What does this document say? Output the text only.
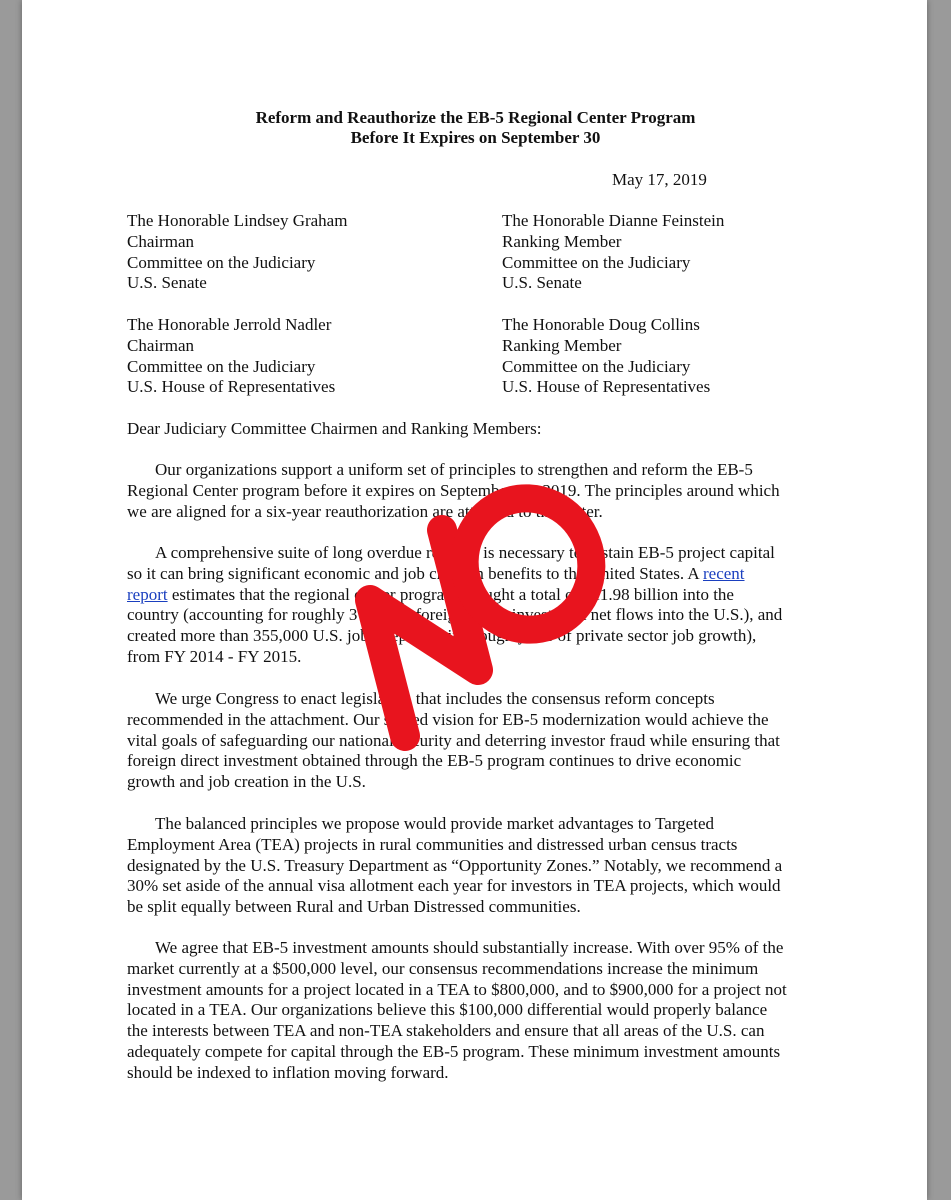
Reform and Reauthorize the EB-5 Regional Center Program
Before It Expires on September 30
May 17, 2019
The Honorable Lindsey Graham
Chairman
Committee on the Judiciary
U.S. Senate
The Honorable Dianne Feinstein
Ranking Member
Committee on the Judiciary
U.S. Senate
The Honorable Jerrold Nadler
Chairman
Committee on the Judiciary
U.S. House of Representatives
The Honorable Doug Collins
Ranking Member
Committee on the Judiciary
U.S. House of Representatives
Dear Judiciary Committee Chairmen and Ranking Members:
Our organizations support a uniform set of principles to strengthen and reform the EB-5
Regional Center program before it expires on September 30, 2019. The principles around which
we are aligned for a six-year reauthorization are attached to this letter.
A comprehensive suite of long overdue reforms is necessary to sustain EB-5 project capital
so it can bring significant economic and job creation benefits to the United States. A recent
report estimates that the regional center program brought a total of $11.98 billion into the
country (accounting for roughly 3% of all foreign direct investment net flows into the U.S.), and
created more than 355,000 U.S. jobs (representing roughly 6% of private sector job growth),
from FY 2014 - FY 2015.
We urge Congress to enact legislation that includes the consensus reform concepts
recommended in the attachment. Our shared vision for EB-5 modernization would achieve the
vital goals of safeguarding our national security and deterring investor fraud while ensuring that
foreign direct investment obtained through the EB-5 program continues to drive economic
growth and job creation in the U.S.
The balanced principles we propose would provide market advantages to Targeted
Employment Area (TEA) projects in rural communities and distressed urban census tracts
designated by the U.S. Treasury Department as “Opportunity Zones.” Notably, we recommend a
30% set aside of the annual visa allotment each year for investors in TEA projects, which would
be split equally between Rural and Urban Distressed communities.
We agree that EB-5 investment amounts should substantially increase. With over 95% of the
market currently at a $500,000 level, our consensus recommendations increase the minimum
investment amounts for a project located in a TEA to $800,000, and to $900,000 for a project not
located in a TEA. Our organizations believe this $100,000 differential would properly balance
the interests between TEA and non-TEA stakeholders and ensure that all areas of the U.S. can
adequately compete for capital through the EB-5 program. These minimum investment amounts
should be indexed to inflation moving forward.
